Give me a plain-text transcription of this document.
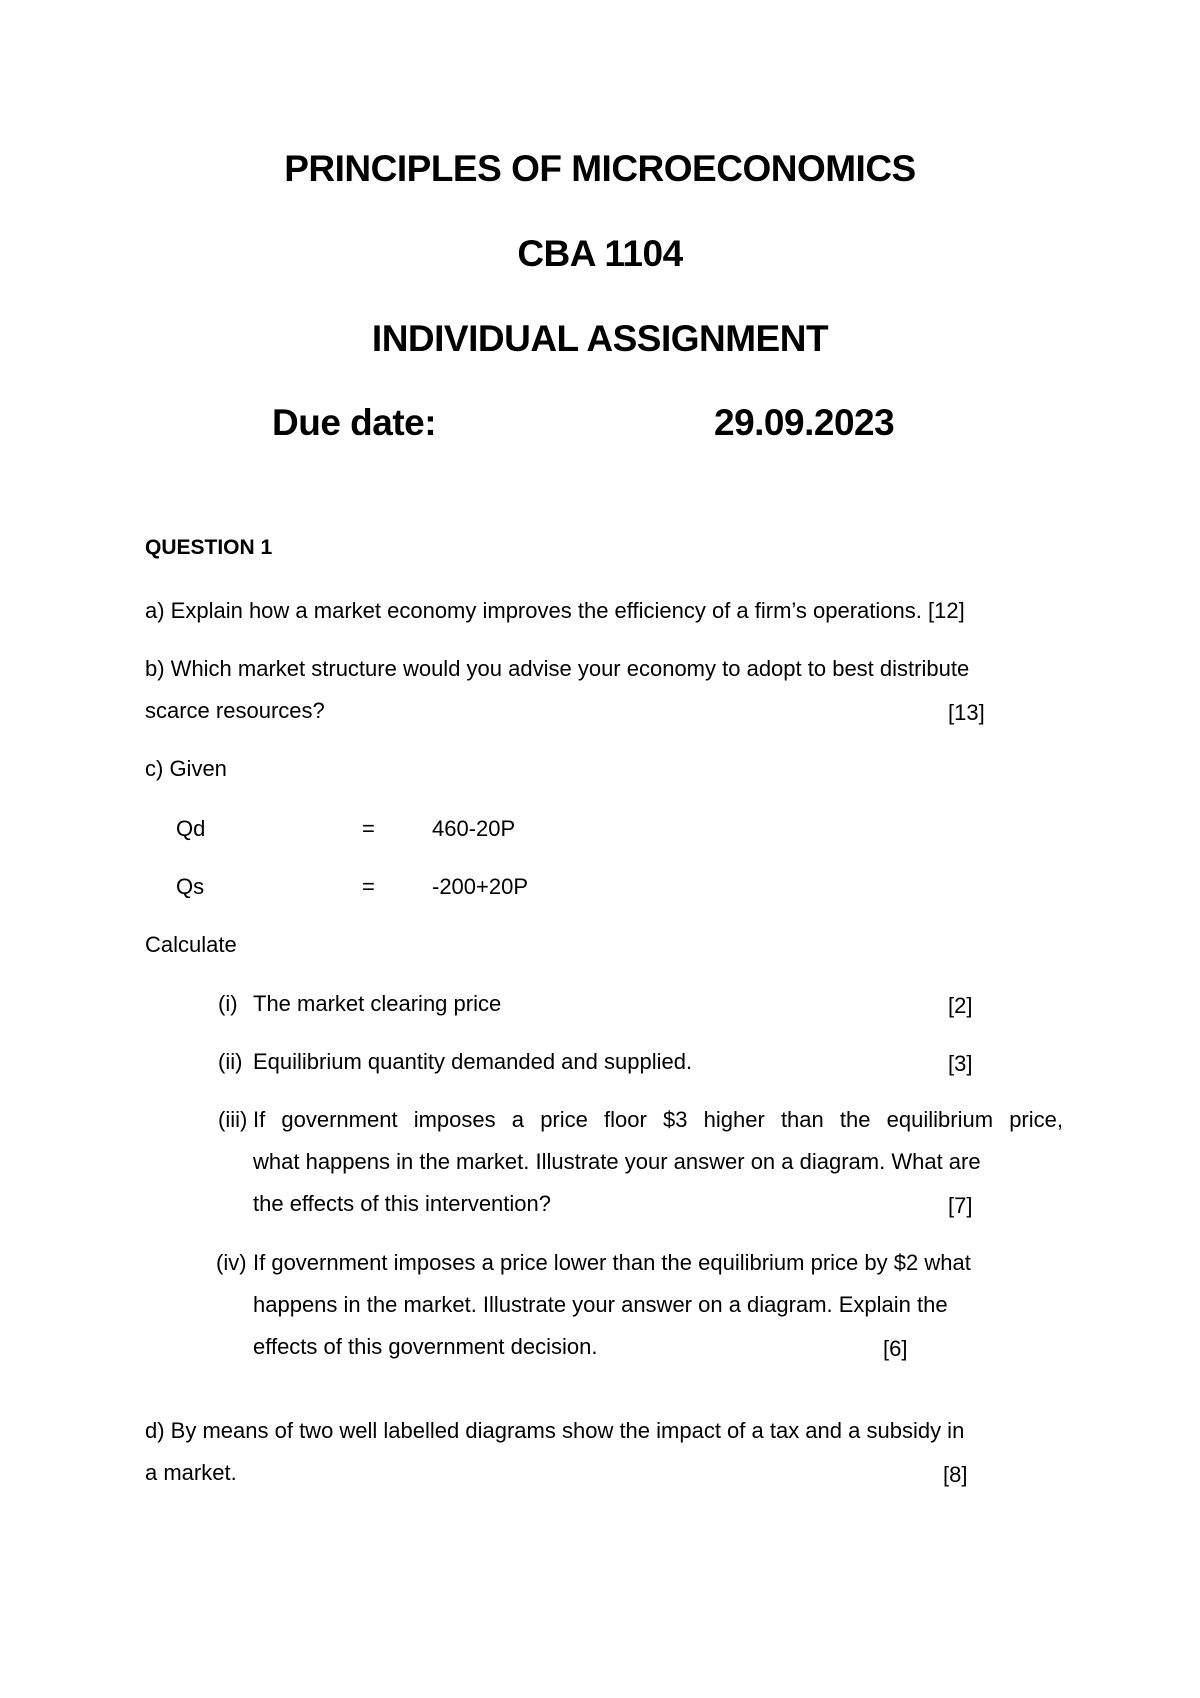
PRINCIPLES OF MICROECONOMICS
CBA 1104
INDIVIDUAL ASSIGNMENT
Due date:	29.09.2023
QUESTION 1
a) Explain how a market economy improves the efficiency of a firm’s operations. [12]
b) Which market structure would you advise your economy to adopt to best distribute
scarce resources?	[13]
c) Given
Qd	=	460-20P
Qs	=	-200+20P
Calculate
(i) The market clearing price	[2]
(ii) Equilibrium quantity demanded and supplied.	[3]
(iii) If government imposes a price floor $3 higher than the equilibrium price,
what happens in the market. Illustrate your answer on a diagram. What are
the effects of this intervention?	[7]
(iv) If government imposes a price lower than the equilibrium price by $2 what
happens in the market. Illustrate your answer on a diagram. Explain the
effects of this government decision.	[6]
d) By means of two well labelled diagrams show the impact of a tax and a subsidy in
a market.	[8]
